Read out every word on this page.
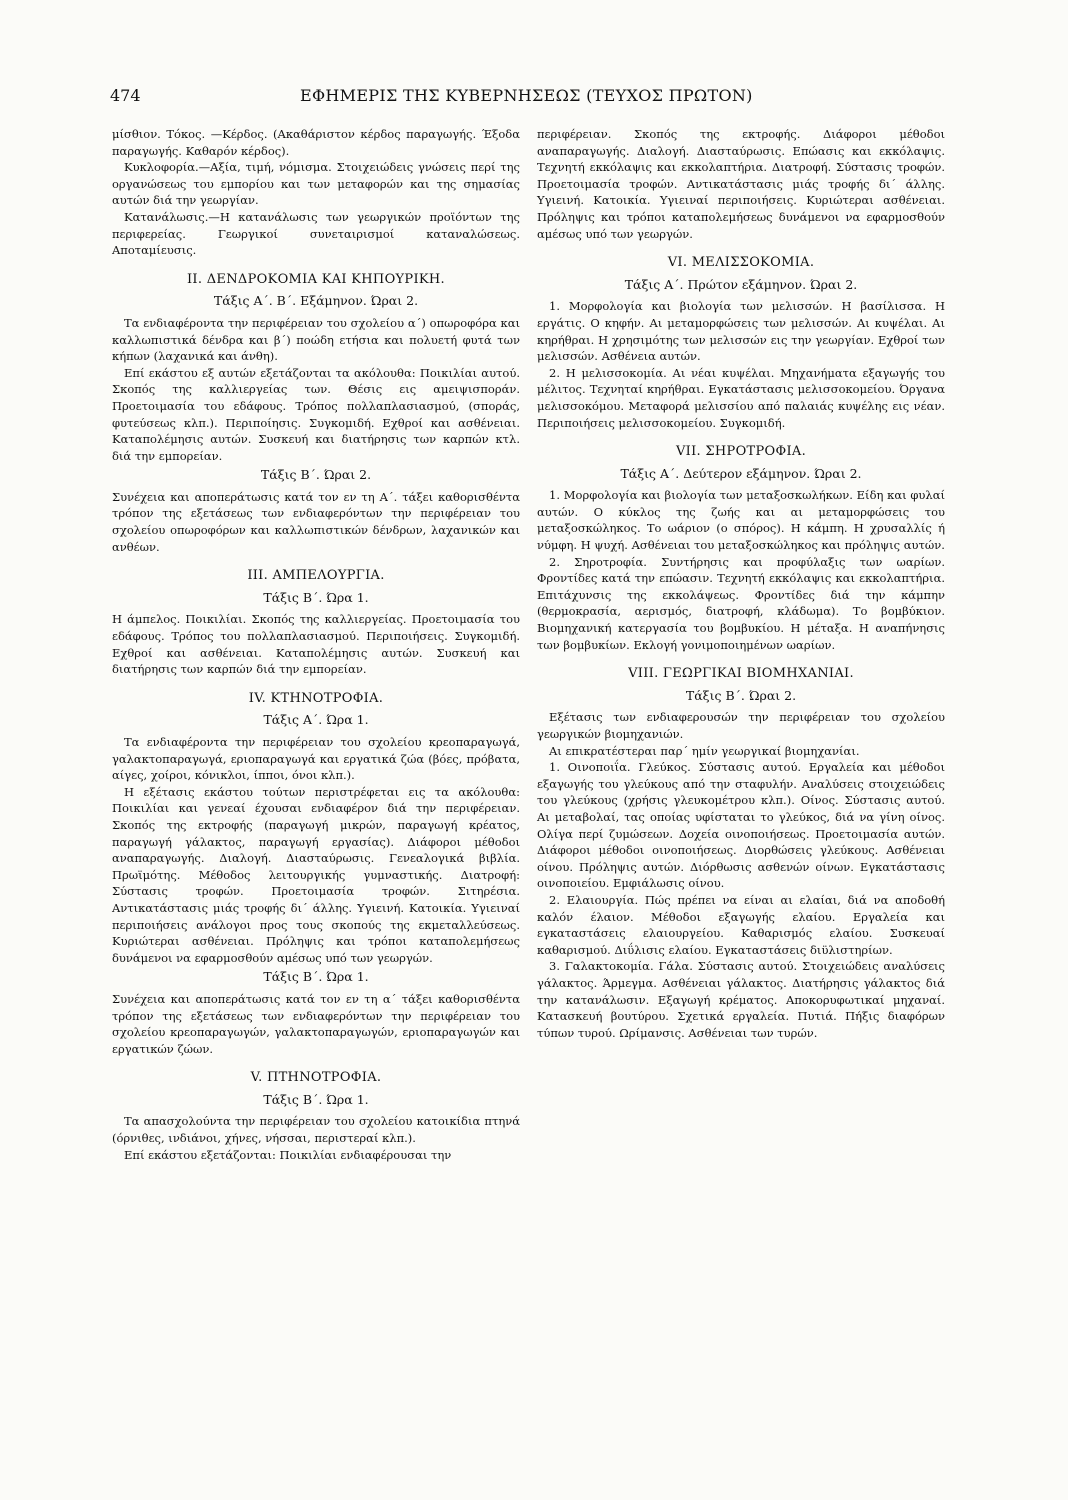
474	ΕΦΗΜΕΡΙΣ ΤΗΣ ΚΥΒΕΡΝΗΣΕΩΣ (ΤΕΥΧΟΣ ΠΡΩΤΟΝ)

μίσθιον. Τόκος. —Κέρδος. (Ακαθάριστον κέρδος παραγωγής. Έξοδα παραγωγής. Καθαρόν κέρδος).

Κυκλοφορία.—Αξία, τιμή, νόμισμα. Στοιχειώδεις γνώσεις περί της οργανώσεως του εμπορίου και των μεταφορών και της σημασίας αυτών διά την γεωργίαν.

Κατανάλωσις.—Η κατανάλωσις των γεωργικών προϊόντων της περιφερείας. Γεωργικοί συνεταιρισμοί καταναλώσεως. Αποταμίευσις.

II. ΔΕΝΔΡΟΚΟΜΙΑ ΚΑΙ ΚΗΠΟΥΡΙΚΗ.
Τάξις Α΄. Β΄. Εξάμηνον. Ώραι 2.

Τα ενδιαφέροντα την περιφέρειαν του σχολείου α΄) οπωροφόρα και καλλωπιστικά δένδρα και β΄) ποώδη ετήσια και πολυετή φυτά των κήπων (λαχανικά και άνθη).

Επί εκάστου εξ αυτών εξετάζονται τα ακόλουθα: Ποικιλίαι αυτού. Σκοπός της καλλιεργείας των. Θέσις εις αμειψισποράν. Προετοιμασία του εδάφους. Τρόπος πολλαπλασιασμού, (σποράς, φυτεύσεως κλπ.). Περιποίησις. Συγκομιδή. Εχθροί και ασθένειαι. Καταπολέμησις αυτών. Συσκευή και διατήρησις των καρπών κτλ. διά την εμπορείαν.

Τάξις Β΄. Ώραι 2.

Συνέχεια και αποπεράτωσις κατά τον εν τη Α΄. τάξει καθορισθέντα τρόπον της εξετάσεως των ενδιαφερόντων την περιφέρειαν του σχολείου οπωροφόρων και καλλωπιστικών δένδρων, λαχανικών και ανθέων.

III. ΑΜΠΕΛΟΥΡΓΙΑ.
Τάξις Β΄. Ώρα 1.

Η άμπελος. Ποικιλίαι. Σκοπός της καλλιεργείας. Προετοιμασία του εδάφους. Τρόπος του πολλαπλασιασμού. Περιποιήσεις. Συγκομιδή. Εχθροί και ασθένειαι. Καταπολέμησις αυτών. Συσκευή και διατήρησις των καρπών διά την εμπορείαν.

IV. ΚΤΗΝΟΤΡΟΦΙΑ.
Τάξις Α΄. Ώρα 1.

Τα ενδιαφέροντα την περιφέρειαν του σχολείου κρεοπαραγωγά, γαλακτοπαραγωγά, εριοπαραγωγά και εργατικά ζώα (βόες, πρόβατα, αίγες, χοίροι, κόνικλοι, ίπποι, όνοι κλπ.).

Η εξέτασις εκάστου τούτων περιστρέφεται εις τα ακόλουθα: Ποικιλίαι και γενεαί έχουσαι ενδιαφέρον διά την περιφέρειαν. Σκοπός της εκτροφής (παραγωγή μικρών, παραγωγή κρέατος, παραγωγή γάλακτος, παραγωγή εργασίας). Διάφοροι μέθοδοι αναπαραγωγής. Διαλογή. Διασταύρωσις. Γενεαλογικά βιβλία. Πρωϊμότης. Μέθοδος λειτουργικής γυμναστικής. Διατροφή: Σύστασις τροφών. Προετοιμασία τροφών. Σιτηρέσια. Αντικατάστασις μιάς τροφής δι΄ άλλης. Υγιεινή. Κατοικία. Υγιειναί περιποιήσεις ανάλογοι προς τους σκοπούς της εκμεταλλεύσεως. Κυριώτεραι ασθένειαι. Πρόληψις και τρόποι καταπολεμήσεως δυνάμενοι να εφαρμοσθούν αμέσως υπό των γεωργών.

Τάξις Β΄. Ώρα 1.

Συνέχεια και αποπεράτωσις κατά τον εν τη α΄ τάξει καθορισθέντα τρόπον της εξετάσεως των ενδιαφερόντων την περιφέρειαν του σχολείου κρεοπαραγωγών, γαλακτοπαραγωγών, εριοπαραγωγών και εργατικών ζώων.

V. ΠΤΗΝΟΤΡΟΦΙΑ.
Τάξις Β΄. Ώρα 1.

Τα απασχολούντα την περιφέρειαν του σχολείου κατοικίδια πτηνά (όρνιθες, ινδιάνοι, χήνες, νήσσαι, περιστεραί κλπ.).

Επί εκάστου εξετάζονται: Ποικιλίαι ενδιαφέρουσαι την

περιφέρειαν. Σκοπός της εκτροφής. Διάφοροι μέθοδοι αναπαραγωγής. Διαλογή. Διασταύρωσις. Επώασις και εκκόλαψις. Τεχνητή εκκόλαψις και εκκολαπτήρια. Διατροφή. Σύστασις τροφών. Προετοιμασία τροφών. Αντικατάστασις μιάς τροφής δι΄ άλλης. Υγιεινή. Κατοικία. Υγιειναί περιποιήσεις. Κυριώτεραι ασθένειαι. Πρόληψις και τρόποι καταπολεμήσεως δυνάμενοι να εφαρμοσθούν αμέσως υπό των γεωργών.

VI. ΜΕΛΙΣΣΟΚΟΜΙΑ.
Τάξις Α΄. Πρώτον εξάμηνον. Ώραι 2.

1. Μορφολογία και βιολογία των μελισσών. Η βασίλισσα. Η εργάτις. Ο κηφήν. Αι μεταμορφώσεις των μελισσών. Αι κυψέλαι. Αι κηρήθραι. Η χρησιμότης των μελισσών εις την γεωργίαν. Εχθροί των μελισσών. Ασθένεια αυτών.

2. Η μελισσοκομία. Αι νέαι κυψέλαι. Μηχανήματα εξαγωγής του μέλιτος. Τεχνηταί κηρήθραι. Εγκατάστασις μελισσοκομείου. Όργανα μελισσοκόμου. Μεταφορά μελισσίου από παλαιάς κυψέλης εις νέαν. Περιποιήσεις μελισσοκομείου. Συγκομιδή.

VII. ΣΗΡΟΤΡΟΦΙΑ.
Τάξις Α΄. Δεύτερον εξάμηνον. Ώραι 2.

1. Μορφολογία και βιολογία των μεταξοσκωλήκων. Είδη και φυλαί αυτών. Ο κύκλος της ζωής και αι μεταμορφώσεις του μεταξοσκώληκος. Το ωάριον (ο σπόρος). Η κάμπη. Η χρυσαλλίς ή νύμφη. Η ψυχή. Ασθένειαι του μεταξοσκώληκος και πρόληψις αυτών.

2. Σηροτροφία. Συντήρησις και προφύλαξις των ωαρίων. Φροντίδες κατά την επώασιν. Τεχνητή εκκόλαψις και εκκολαπτήρια. Επιτάχυνσις της εκκολάψεως. Φροντίδες διά την κάμπην (θερμοκρασία, αερισμός, διατροφή, κλάδωμα). Το βομβύκιον. Βιομηχανική κατεργασία του βομβυκίου. Η μέταξα. Η αναπήνησις των βομβυκίων. Εκλογή γονιμοποιημένων ωαρίων.

VIII. ΓΕΩΡΓΙΚΑΙ ΒΙΟΜΗΧΑΝΙΑΙ.
Τάξις Β΄. Ώραι 2.

Εξέτασις των ενδιαφερουσών την περιφέρειαν του σχολείου γεωργικών βιομηχανιών.

Αι επικρατέστεραι παρ΄ ημίν γεωργικαί βιομηχανίαι.

1. Οινοποιΐα. Γλεύκος. Σύστασις αυτού. Εργαλεία και μέθοδοι εξαγωγής του γλεύκους από την σταφυλήν. Αναλύσεις στοιχειώδεις του γλεύκους (χρήσις γλευκομέτρου κλπ.). Οίνος. Σύστασις αυτού. Αι μεταβολαί, τας οποίας υφίσταται το γλεύκος, διά να γίνη οίνος. Ολίγα περί ζυμώσεων. Δοχεία οινοποιήσεως. Προετοιμασία αυτών. Διάφοροι μέθοδοι οινοποιήσεως. Διορθώσεις γλεύκους. Ασθένειαι οίνου. Πρόληψις αυτών. Διόρθωσις ασθενών οίνων. Εγκατάστασις οινοποιείου. Εμφιάλωσις οίνου.

2. Ελαιουργία. Πώς πρέπει να είναι αι ελαίαι, διά να αποδοθή καλόν έλαιον. Μέθοδοι εξαγωγής ελαίου. Εργαλεία και εγκαταστάσεις ελαιουργείου. Καθαρισμός ελαίου. Συσκευαί καθαρισμού. Διΰλισις ελαίου. Εγκαταστάσεις διϋλιστηρίων.

3. Γαλακτοκομία. Γάλα. Σύστασις αυτού. Στοιχειώδεις αναλύσεις γάλακτος. Άρμεγμα. Ασθένειαι γάλακτος. Διατήρησις γάλακτος διά την κατανάλωσιν. Εξαγωγή κρέματος. Αποκορυφωτικαί μηχαναί. Κατασκευή βουτύρου. Σχετικά εργαλεία. Πυτιά. Πήξις διαφόρων τύπων τυρού. Ωρίμανσις. Ασθένειαι των τυρών.
